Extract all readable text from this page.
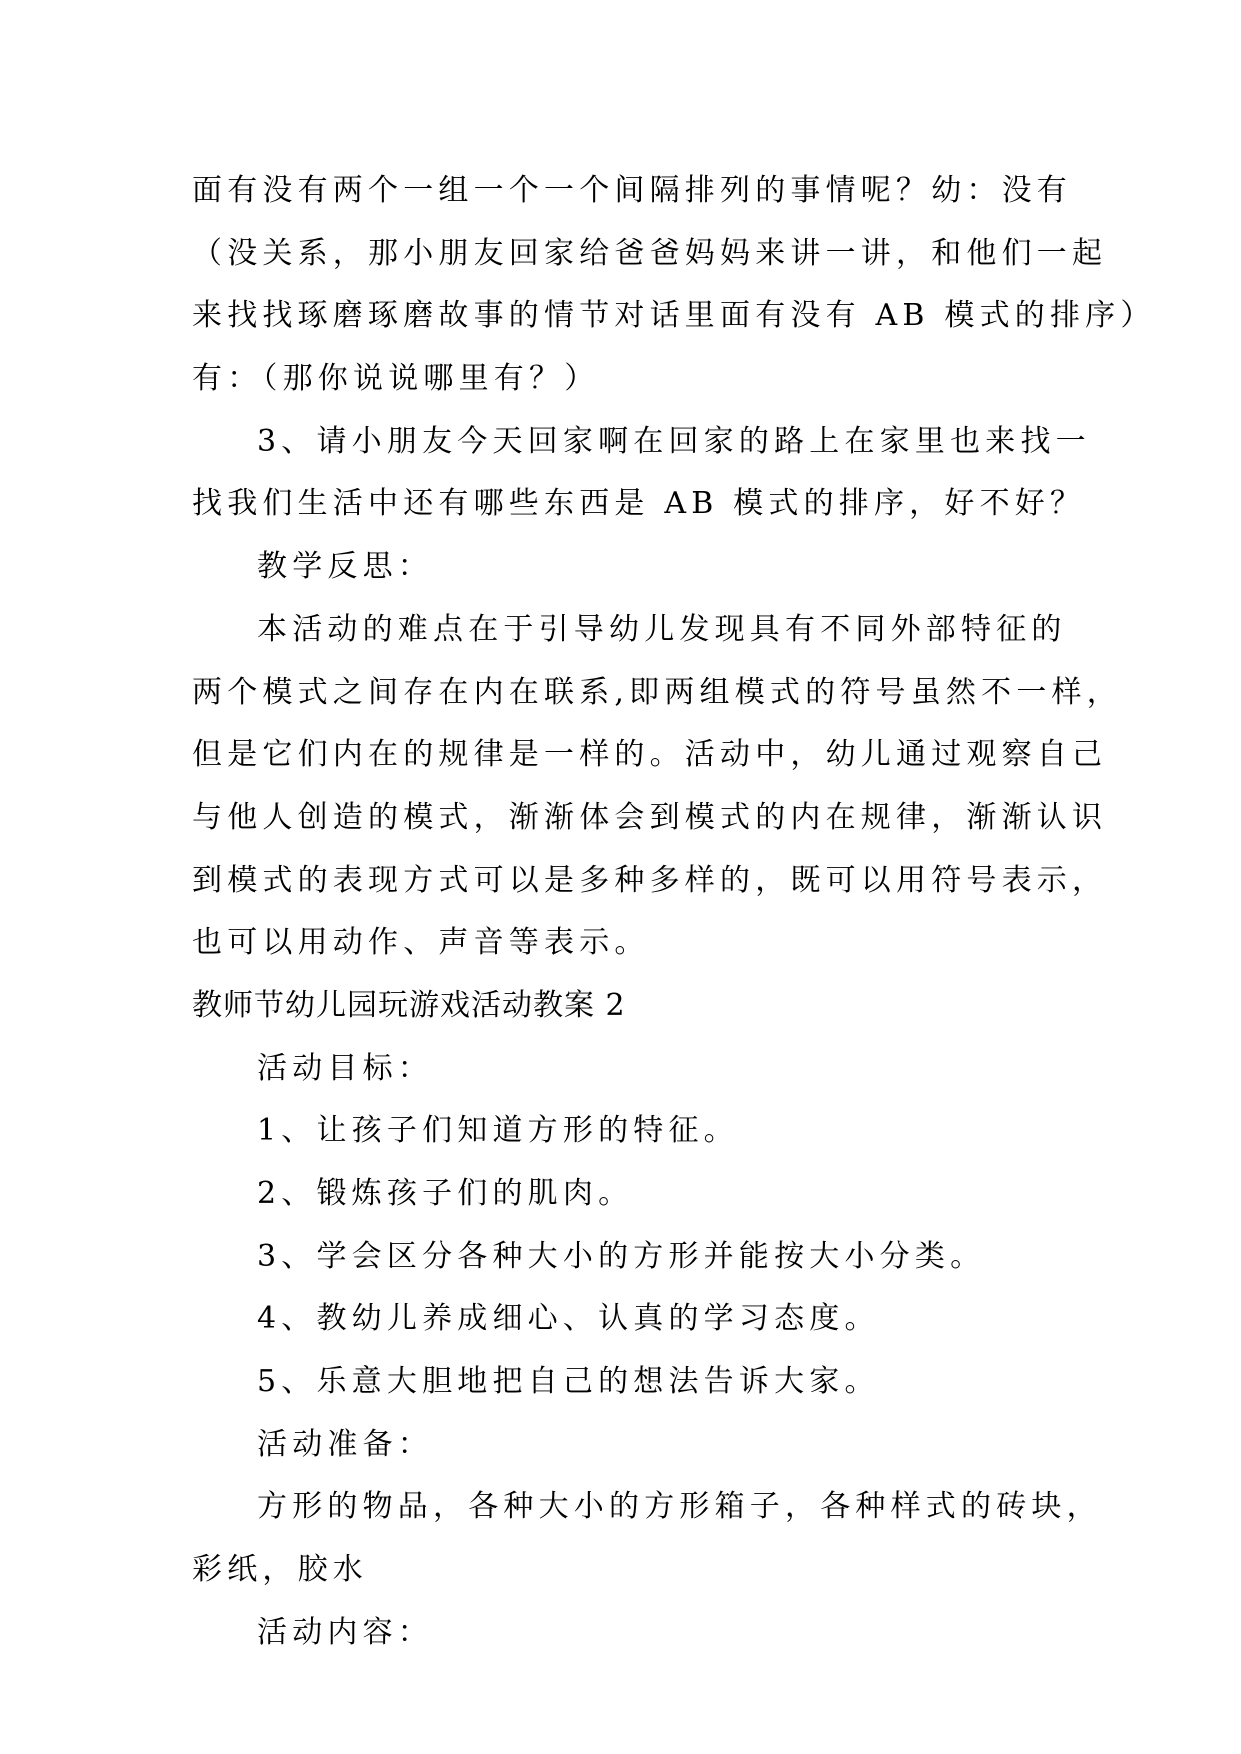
面有没有两个一组一个一个间隔排列的事情呢？幼：没有
（没关系，那小朋友回家给爸爸妈妈来讲一讲，和他们一起
来找找琢磨琢磨故事的情节对话里面有没有 AB 模式的排序）
有：（那你说说哪里有？）
3、请小朋友今天回家啊在回家的路上在家里也来找一
找我们生活中还有哪些东西是 AB 模式的排序，好不好？
教学反思：
本活动的难点在于引导幼儿发现具有不同外部特征的
两个模式之间存在内在联系,即两组模式的符号虽然不一样，
但是它们内在的规律是一样的。活动中，幼儿通过观察自己
与他人创造的模式，渐渐体会到模式的内在规律，渐渐认识
到模式的表现方式可以是多种多样的，既可以用符号表示，
也可以用动作、声音等表示。
教师节幼儿园玩游戏活动教案 2
活动目标：
1、让孩子们知道方形的特征。
2、锻炼孩子们的肌肉。
3、学会区分各种大小的方形并能按大小分类。
4、教幼儿养成细心、认真的学习态度。
5、乐意大胆地把自己的想法告诉大家。
活动准备：
方形的物品，各种大小的方形箱子，各种样式的砖块，
彩纸，胶水
活动内容：
